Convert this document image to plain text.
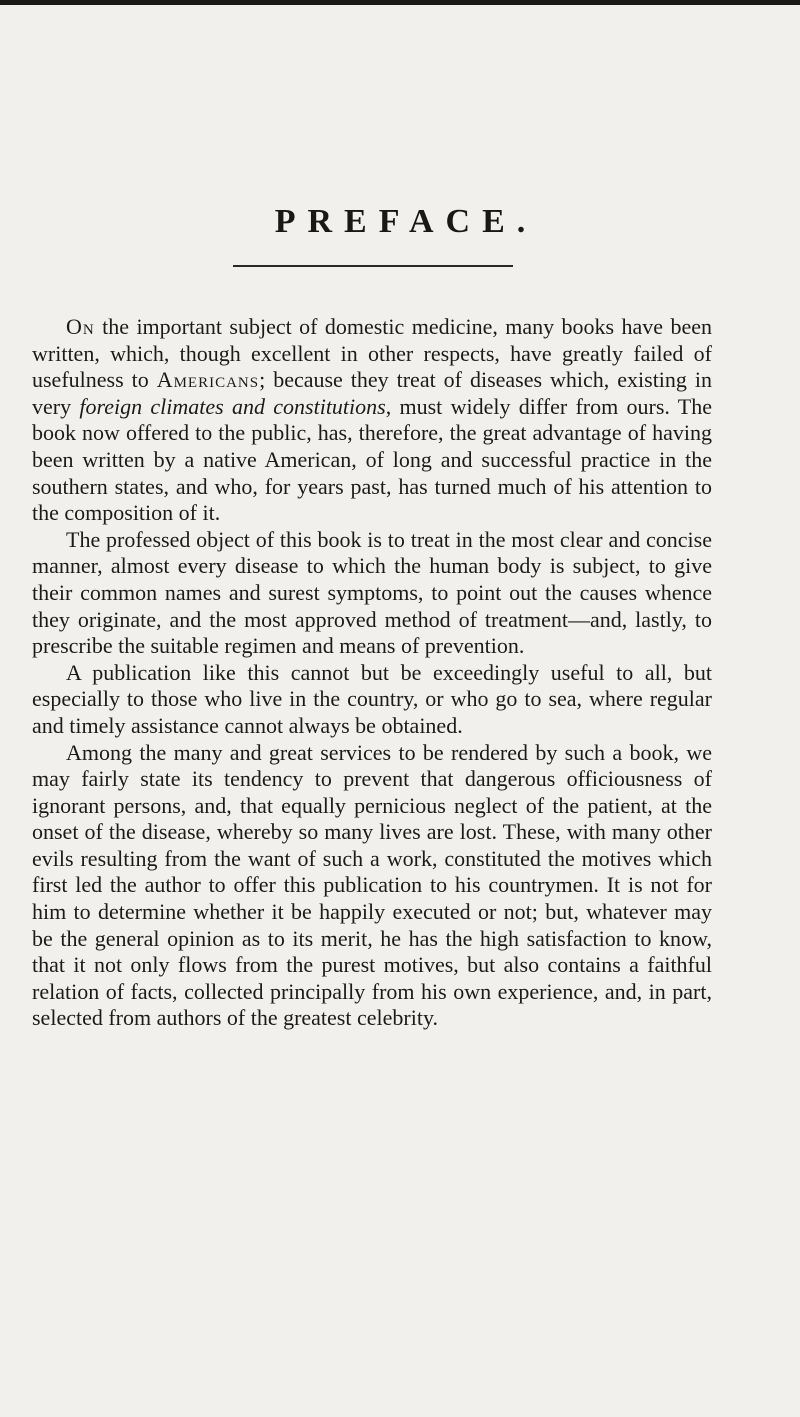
PREFACE.

On the important subject of domestic medicine, many books have been written, which, though excellent in other respects, have greatly failed of usefulness to Americans; because they treat of diseases which, existing in very foreign climates and constitutions, must widely differ from ours. The book now offered to the public, has, therefore, the great advantage of having been written by a native American, of long and successful practice in the southern states, and who, for years past, has turned much of his attention to the composition of it.

The professed object of this book is to treat in the most clear and concise manner, almost every disease to which the human body is subject, to give their common names and surest symptoms, to point out the causes whence they originate, and the most approved method of treatment—and, lastly, to prescribe the suitable regimen and means of prevention.

A publication like this cannot but be exceedingly useful to all, but especially to those who live in the country, or who go to sea, where regular and timely assistance cannot always be obtained.

Among the many and great services to be rendered by such a book, we may fairly state its tendency to prevent that dangerous officiousness of ignorant persons, and, that equally pernicious neglect of the patient, at the onset of the disease, whereby so many lives are lost. These, with many other evils resulting from the want of such a work, constituted the motives which first led the author to offer this publication to his countrymen. It is not for him to determine whether it be happily executed or not; but, whatever may be the general opinion as to its merit, he has the high satisfaction to know, that it not only flows from the purest motives, but also contains a faithful relation of facts, collected principally from his own experience, and, in part, selected from authors of the greatest celebrity.
